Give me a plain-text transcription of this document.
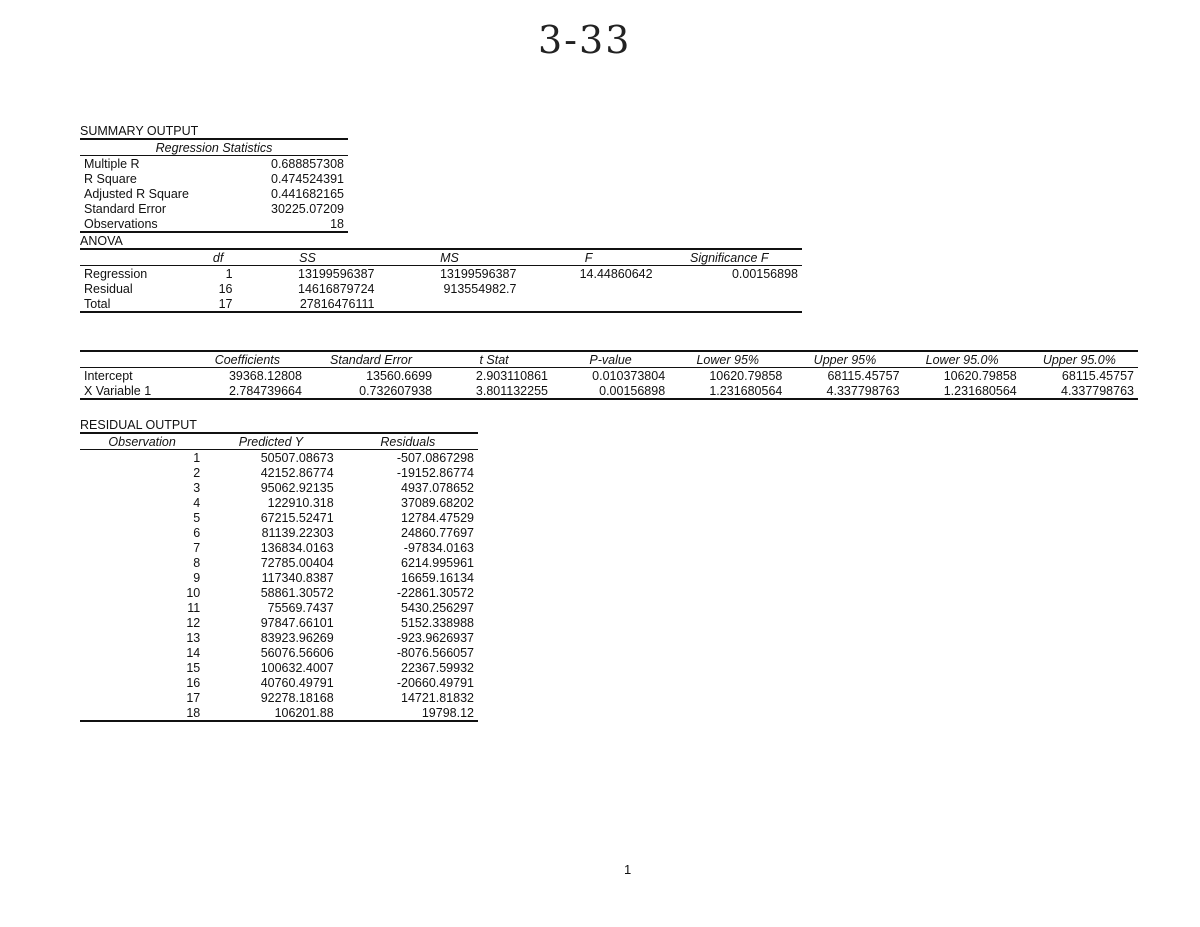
3-33
SUMMARY OUTPUT
Regression Statistics	
Multiple R	0.688857308
R Square	0.474524391
Adjusted R Square	0.441682165
Standard Error	30225.07209
Observations	18
ANOVA
	df	SS	MS	F	Significance F
Regression	1	13199596387	13199596387	14.44860642	0.00156898
Residual	16	14616879724	913554982.7		
Total	17	27816476111			
	Coefficients	Standard Error	t Stat	P-value	Lower 95%	Upper 95%	Lower 95.0%	Upper 95.0%
Intercept	39368.12808	13560.6699	2.903110861	0.010373804	10620.79858	68115.45757	10620.79858	68115.45757
X Variable 1	2.784739664	0.732607938	3.801132255	0.00156898	1.231680564	4.337798763	1.231680564	4.337798763
RESIDUAL OUTPUT
Observation	Predicted Y	Residuals
1	50507.08673	-507.0867298
2	42152.86774	-19152.86774
3	95062.92135	4937.078652
4	122910.318	37089.68202
5	67215.52471	12784.47529
6	81139.22303	24860.77697
7	136834.0163	-97834.0163
8	72785.00404	6214.995961
9	117340.8387	16659.16134
10	58861.30572	-22861.30572
11	75569.7437	5430.256297
12	97847.66101	5152.338988
13	83923.96269	-923.9626937
14	56076.56606	-8076.566057
15	100632.4007	22367.59932
16	40760.49791	-20660.49791
17	92278.18168	14721.81832
18	106201.88	19798.12
1
